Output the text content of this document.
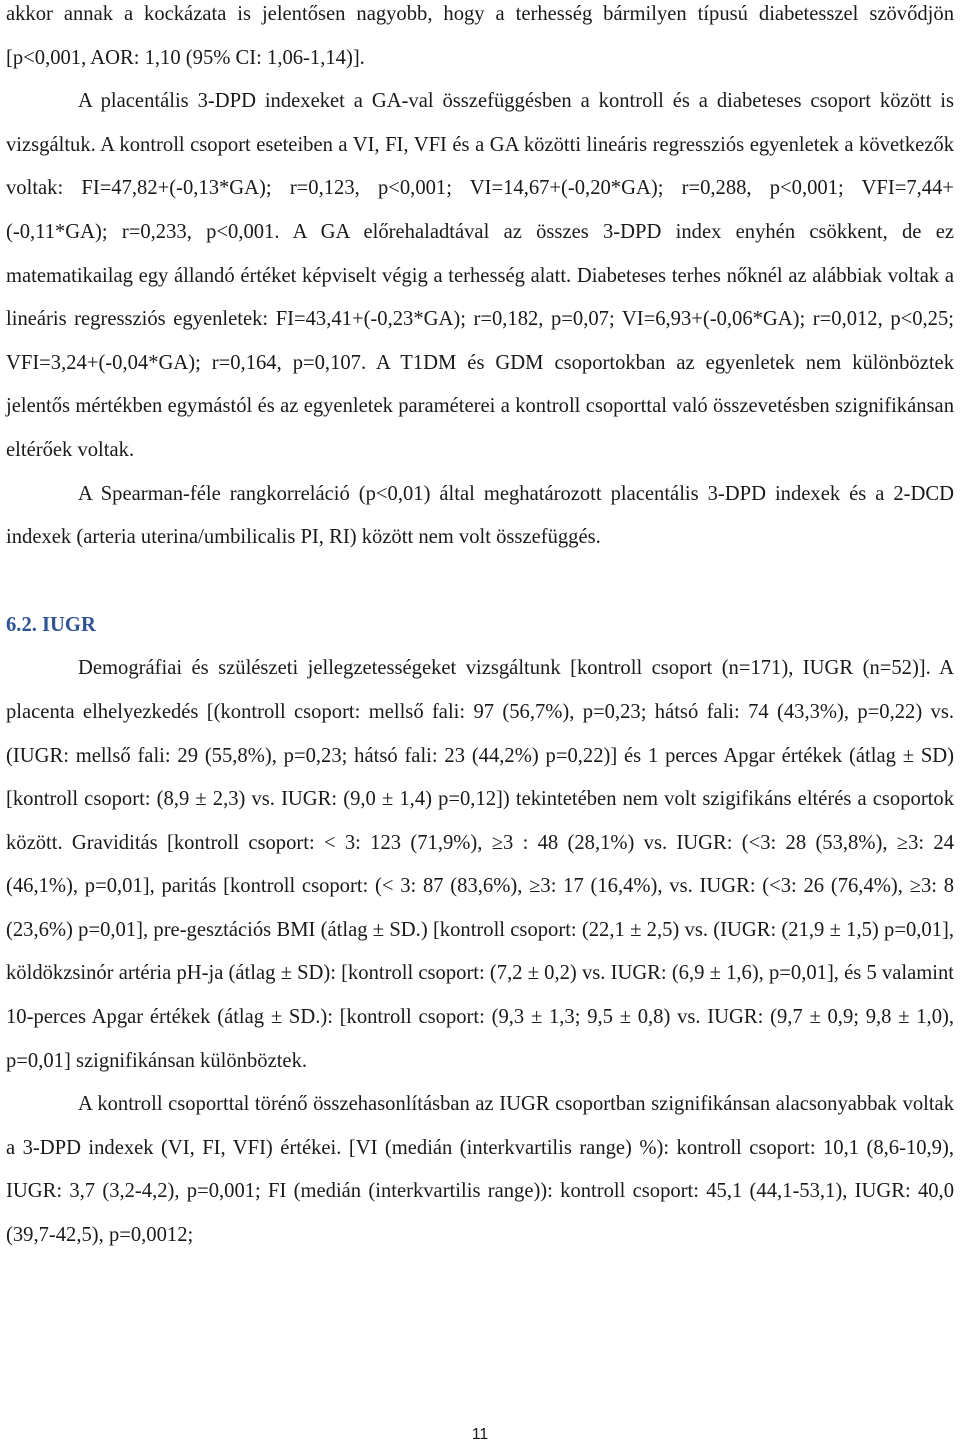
akkor annak a kockázata is jelentősen nagyobb, hogy a terhesség bármilyen típusú diabetesszel szövődjön [p<0,001, AOR: 1,10 (95% CI: 1,06-1,14)].

A placentális 3-DPD indexeket a GA-val összefüggésben a kontroll és a diabeteses csoport között is vizsgáltuk. A kontroll csoport eseteiben a VI, FI, VFI és a GA közötti lineáris regressziós egyenletek a következők voltak: FI=47,82+(-0,13*GA); r=0,123, p<0,001; VI=14,67+(-0,20*GA); r=0,288, p<0,001; VFI=7,44+(-0,11*GA); r=0,233, p<0,001. A GA előrehaladtával az összes 3-DPD index enyhén csökkent, de ez matematikailag egy állandó értéket képviselt végig a terhesség alatt. Diabeteses terhes nőknél az alábbiak voltak a lineáris regressziós egyenletek: FI=43,41+(-0,23*GA); r=0,182, p=0,07; VI=6,93+(-0,06*GA); r=0,012, p<0,25; VFI=3,24+(-0,04*GA); r=0,164, p=0,107. A T1DM és GDM csoportokban az egyenletek nem különböztek jelentős mértékben egymástól és az egyenletek paraméterei a kontroll csoporttal való összevetésben szignifikánsan eltérőek voltak.

A Spearman-féle rangkorreláció (p<0,01) által meghatározott placentális 3-DPD indexek és a 2-DCD indexek (arteria uterina/umbilicalis PI, RI) között nem volt összefüggés.

6.2. IUGR

Demográfiai és szülészeti jellegzetességeket vizsgáltunk [kontroll csoport (n=171), IUGR (n=52)]. A placenta elhelyezkedés [(kontroll csoport: mellső fali: 97 (56,7%), p=0,23; hátsó fali: 74 (43,3%), p=0,22) vs. (IUGR: mellső fali: 29 (55,8%), p=0,23; hátsó fali: 23 (44,2%) p=0,22)] és 1 perces Apgar értékek (átlag ± SD) [kontroll csoport: (8,9 ± 2,3) vs. IUGR: (9,0 ± 1,4) p=0,12]) tekintetében nem volt szigifikáns eltérés a csoportok között. Graviditás [kontroll csoport: < 3: 123 (71,9%), ≥3 : 48 (28,1%) vs. IUGR: (<3: 28 (53,8%), ≥3: 24 (46,1%), p=0,01], paritás [kontroll csoport: (< 3: 87 (83,6%), ≥3: 17 (16,4%), vs. IUGR: (<3: 26 (76,4%), ≥3: 8 (23,6%) p=0,01], pre-gesztációs BMI (átlag ± SD.) [kontroll csoport: (22,1 ± 2,5) vs. (IUGR: (21,9 ± 1,5) p=0,01], köldökzsinór artéria pH-ja (átlag ± SD): [kontroll csoport: (7,2 ± 0,2) vs. IUGR: (6,9 ± 1,6), p=0,01], és 5 valamint 10-perces Apgar értékek (átlag ± SD.): [kontroll csoport: (9,3 ± 1,3; 9,5 ± 0,8) vs. IUGR: (9,7 ± 0,9; 9,8 ± 1,0), p=0,01] szignifikánsan különböztek.

A kontroll csoporttal törénő összehasonlításban az IUGR csoportban szignifikánsan alacsonyabbak voltak a 3-DPD indexek (VI, FI, VFI) értékei. [VI (medián (interkvartilis range) %): kontroll csoport: 10,1 (8,6-10,9), IUGR: 3,7 (3,2-4,2), p=0,001; FI (medián (interkvartilis range)): kontroll csoport: 45,1 (44,1-53,1), IUGR: 40,0 (39,7-42,5), p=0,0012;

11
